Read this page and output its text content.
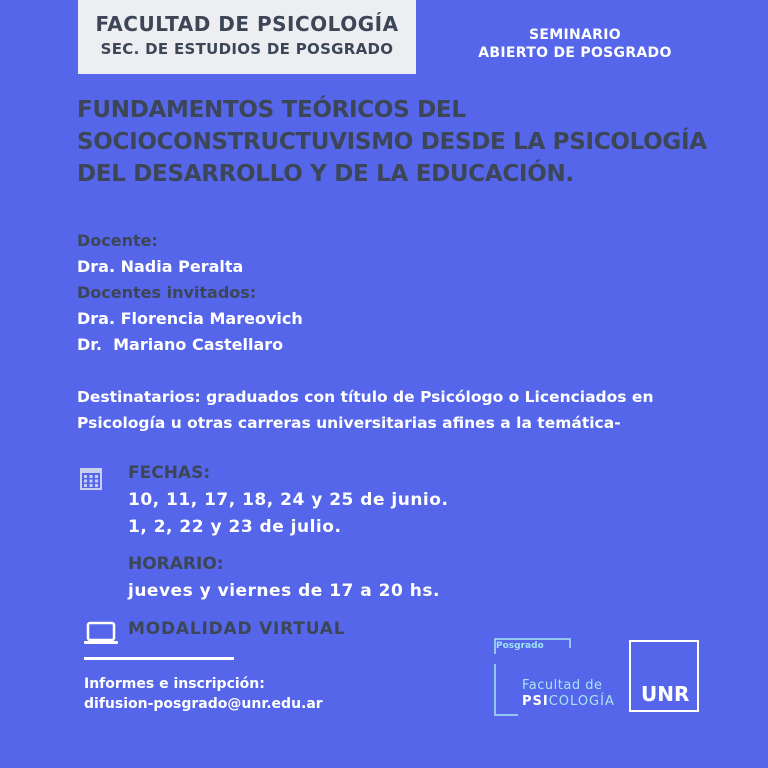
FACULTAD DE PSICOLOGÍA
SEC. DE ESTUDIOS DE POSGRADO
SEMINARIO
ABIERTO DE POSGRADO
FUNDAMENTOS TEÓRICOS DEL
SOCIOCONSTRUCTUVISMO DESDE LA PSICOLOGÍA
DEL DESARROLLO Y DE LA EDUCACIÓN.
Docente:
Dra. Nadia Peralta
Docentes invitados:
Dra. Florencia Mareovich
Dr.  Mariano Castellaro
Destinatarios: graduados con título de Psicólogo o Licenciados en
Psicología u otras carreras universitarias afines a la temática-
FECHAS:
10, 11, 17, 18, 24 y 25 de junio.
1, 2, 22 y 23 de julio.
HORARIO:
jueves y viernes de 17 a 20 hs.
MODALIDAD VIRTUAL
Informes e inscripción:
difusion-posgrado@unr.edu.ar
Posgrado
Facultad de
PSICOLOGÍA UNR
